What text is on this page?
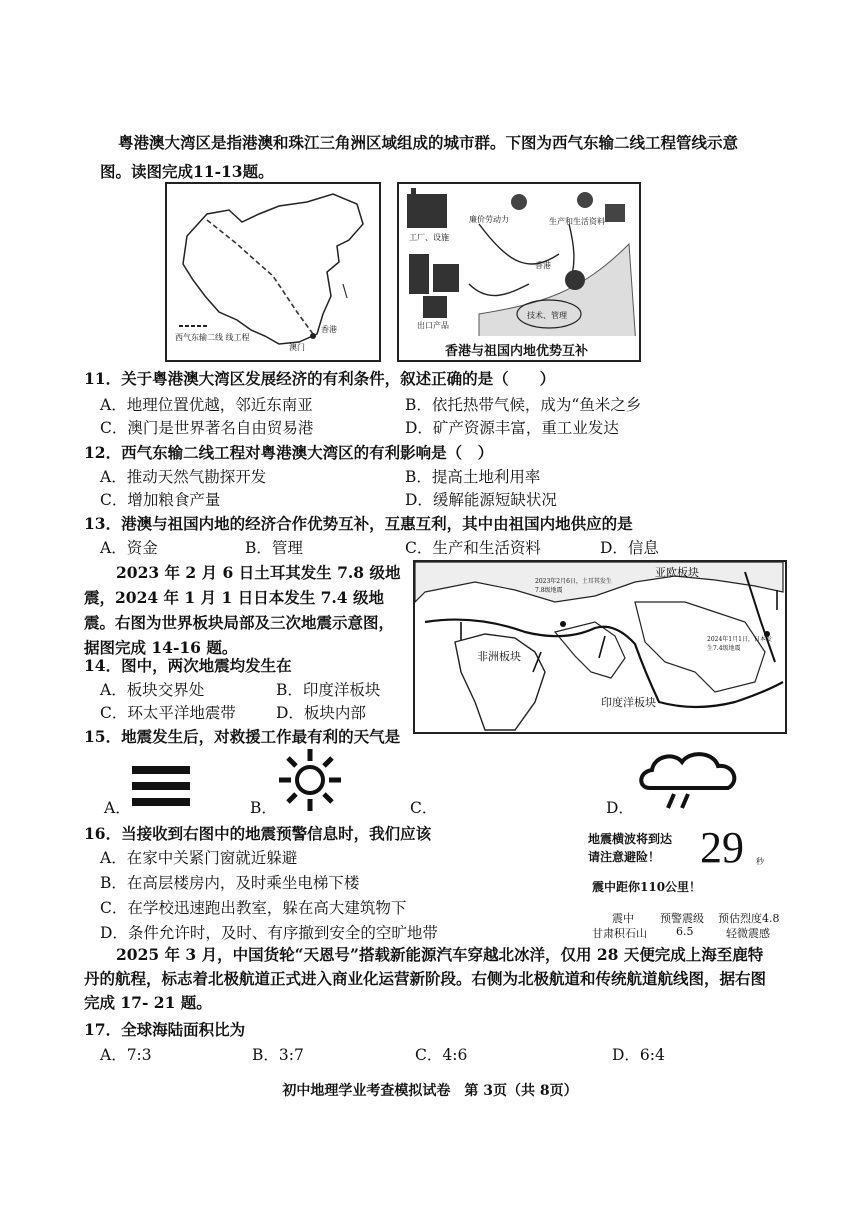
粤港澳大湾区是指港澳和珠江三角洲区域组成的城市群。下图为西气东输二线工程管线示意图。读图完成11-13题。
西气东输二线 线工程
澳门
香港
廉价劳动力	生产和生活资料
工厂、设施
出口产品
技术、管理
香港
香港与祖国内地优势互补
11．关于粤港澳大湾区发展经济的有利条件，叙述正确的是（　　）
A．地理位置优越，邻近东南亚	B．依托热带气候，成为“鱼米之乡
C．澳门是世界著名自由贸易港	D．矿产资源丰富，重工业发达
12．西气东输二线工程对粤港澳大湾区的有利影响是（　）
A．推动天然气勘探开发	B．提高土地利用率
C．增加粮食产量	D．缓解能源短缺状况
13．港澳与祖国内地的经济合作优势互补，互惠互利，其中由祖国内地供应的是
A．资金	B．管理	C．生产和生活资料	D．信息
2023 年 2 月 6 日土耳其发生 7.8 级地震，2024 年 1 月 1 日日本发生 7.4 级地震。右图为世界板块局部及三次地震示意图，据图完成 14-16 题。
亚欧板块
非洲板块
印度洋板块
2023年2月6日，土耳其发生7.8级地震
2024年1月1日，日本发生7.4级地震
14．图中，两次地震均发生在
A．板块交界处	B．印度洋板块
C．环太平洋地震带	D．板块内部
15．地震发生后，对救援工作最有利的天气是
A．	B．	C．	D．
16．当接收到右图中的地震预警信息时，我们应该
A．在家中关紧门窗就近躲避
B．在高层楼房内，及时乘坐电梯下楼
C．在学校迅速跑出教室，躲在高大建筑物下
D．条件允许时，及时、有序撤到安全的空旷地带
地震横波将到达
请注意避险！ 29 秒
震中距你110公里！
震中
甘肃积石山
预警震级
6.5
预估烈度4.8
轻微震感
2025 年 3 月，中国货轮“天恩号”搭载新能源汽车穿越北冰洋，仅用 28 天便完成上海至鹿特丹的航程，标志着北极航道正式进入商业化运营新阶段。右侧为北极航道和传统航道航线图，据右图完成 17- 21 题。
17．全球海陆面积比为
A．7:3	B．3:7	C．4:6	D．6:4
初中地理学业考查模拟试卷　第 3页（共 8页）
